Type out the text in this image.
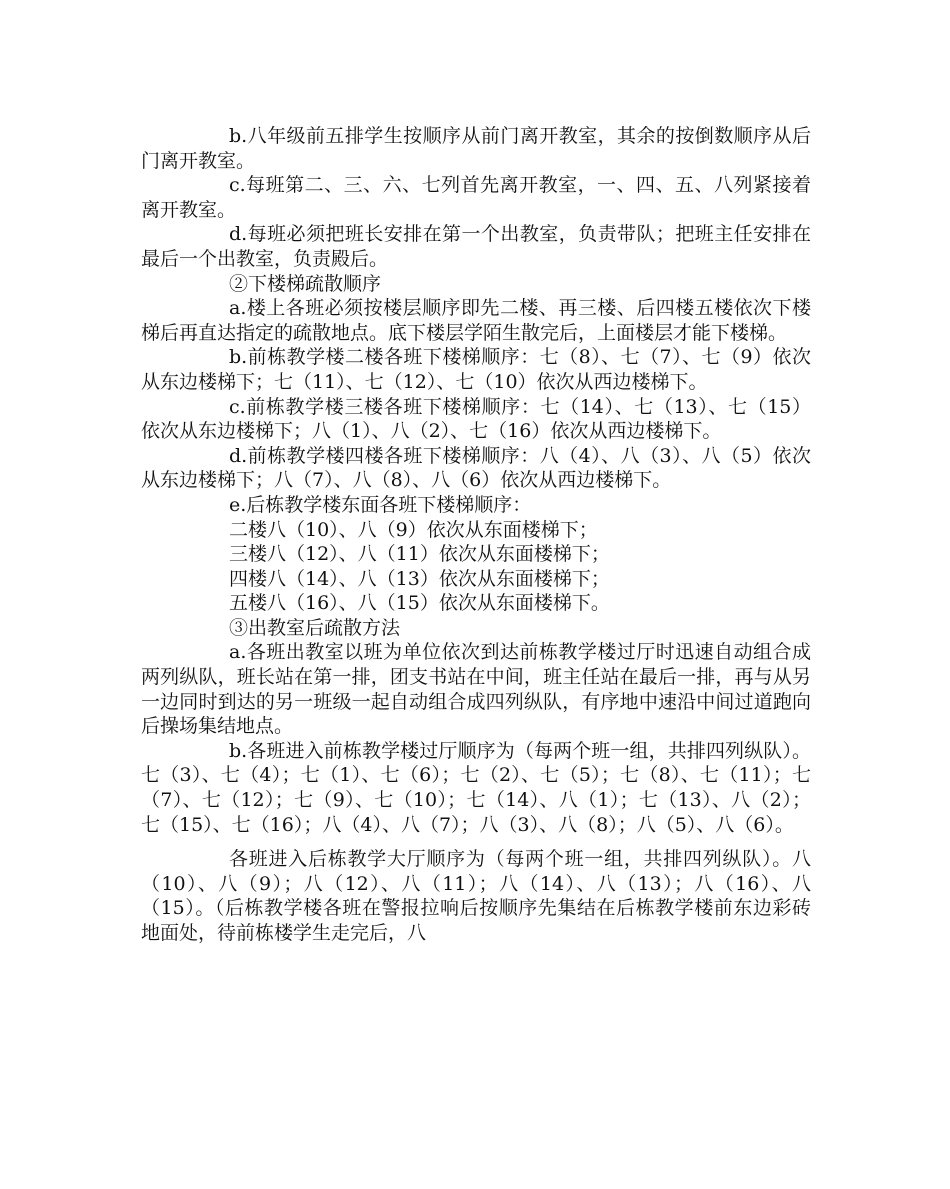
b.八年级前五排学生按顺序从前门离开教室，其余的按倒数顺序从后门离开教室。

c.每班第二、三、六、七列首先离开教室，一、四、五、八列紧接着离开教室。

d.每班必须把班长安排在第一个出教室，负责带队；把班主任安排在最后一个出教室，负责殿后。

②下楼梯疏散顺序

a.楼上各班必须按楼层顺序即先二楼、再三楼、后四楼五楼依次下楼梯后再直达指定的疏散地点。底下楼层学陌生散完后，上面楼层才能下楼梯。

b.前栋教学楼二楼各班下楼梯顺序：七（8）、七（7）、七（9）依次从东边楼梯下；七（11）、七（12）、七（10）依次从西边楼梯下。

c.前栋教学楼三楼各班下楼梯顺序：七（14）、七（13）、七（15）依次从东边楼梯下；八（1）、八（2）、七（16）依次从西边楼梯下。

d.前栋教学楼四楼各班下楼梯顺序：八（4）、八（3）、八（5）依次从东边楼梯下；八（7）、八（8）、八（6）依次从西边楼梯下。

e.后栋教学楼东面各班下楼梯顺序：

二楼八（10）、八（9）依次从东面楼梯下；

三楼八（12）、八（11）依次从东面楼梯下；

四楼八（14）、八（13）依次从东面楼梯下；

五楼八（16）、八（15）依次从东面楼梯下。

③出教室后疏散方法

a.各班出教室以班为单位依次到达前栋教学楼过厅时迅速自动组合成两列纵队，班长站在第一排，团支书站在中间，班主任站在最后一排，再与从另一边同时到达的另一班级一起自动组合成四列纵队，有序地中速沿中间过道跑向后操场集结地点。

b.各班进入前栋教学楼过厅顺序为（每两个班一组，共排四列纵队）。七（3）、七（4）；七（1）、七（6）；七（2）、七（5）；七（8）、七（11）；七（7）、七（12）；七（9）、七（10）；七（14）、八（1）；七（13）、八（2）；七（15）、七（16）；八（4）、八（7）；八（3）、八（8）；八（5）、八（6）。

各班进入后栋教学大厅顺序为（每两个班一组，共排四列纵队）。八（10）、八（9）；八（12）、八（11）；八（14）、八（13）；八（16）、八（15）。（后栋教学楼各班在警报拉响后按顺序先集结在后栋教学楼前东边彩砖地面处，待前栋楼学生走完后，八
